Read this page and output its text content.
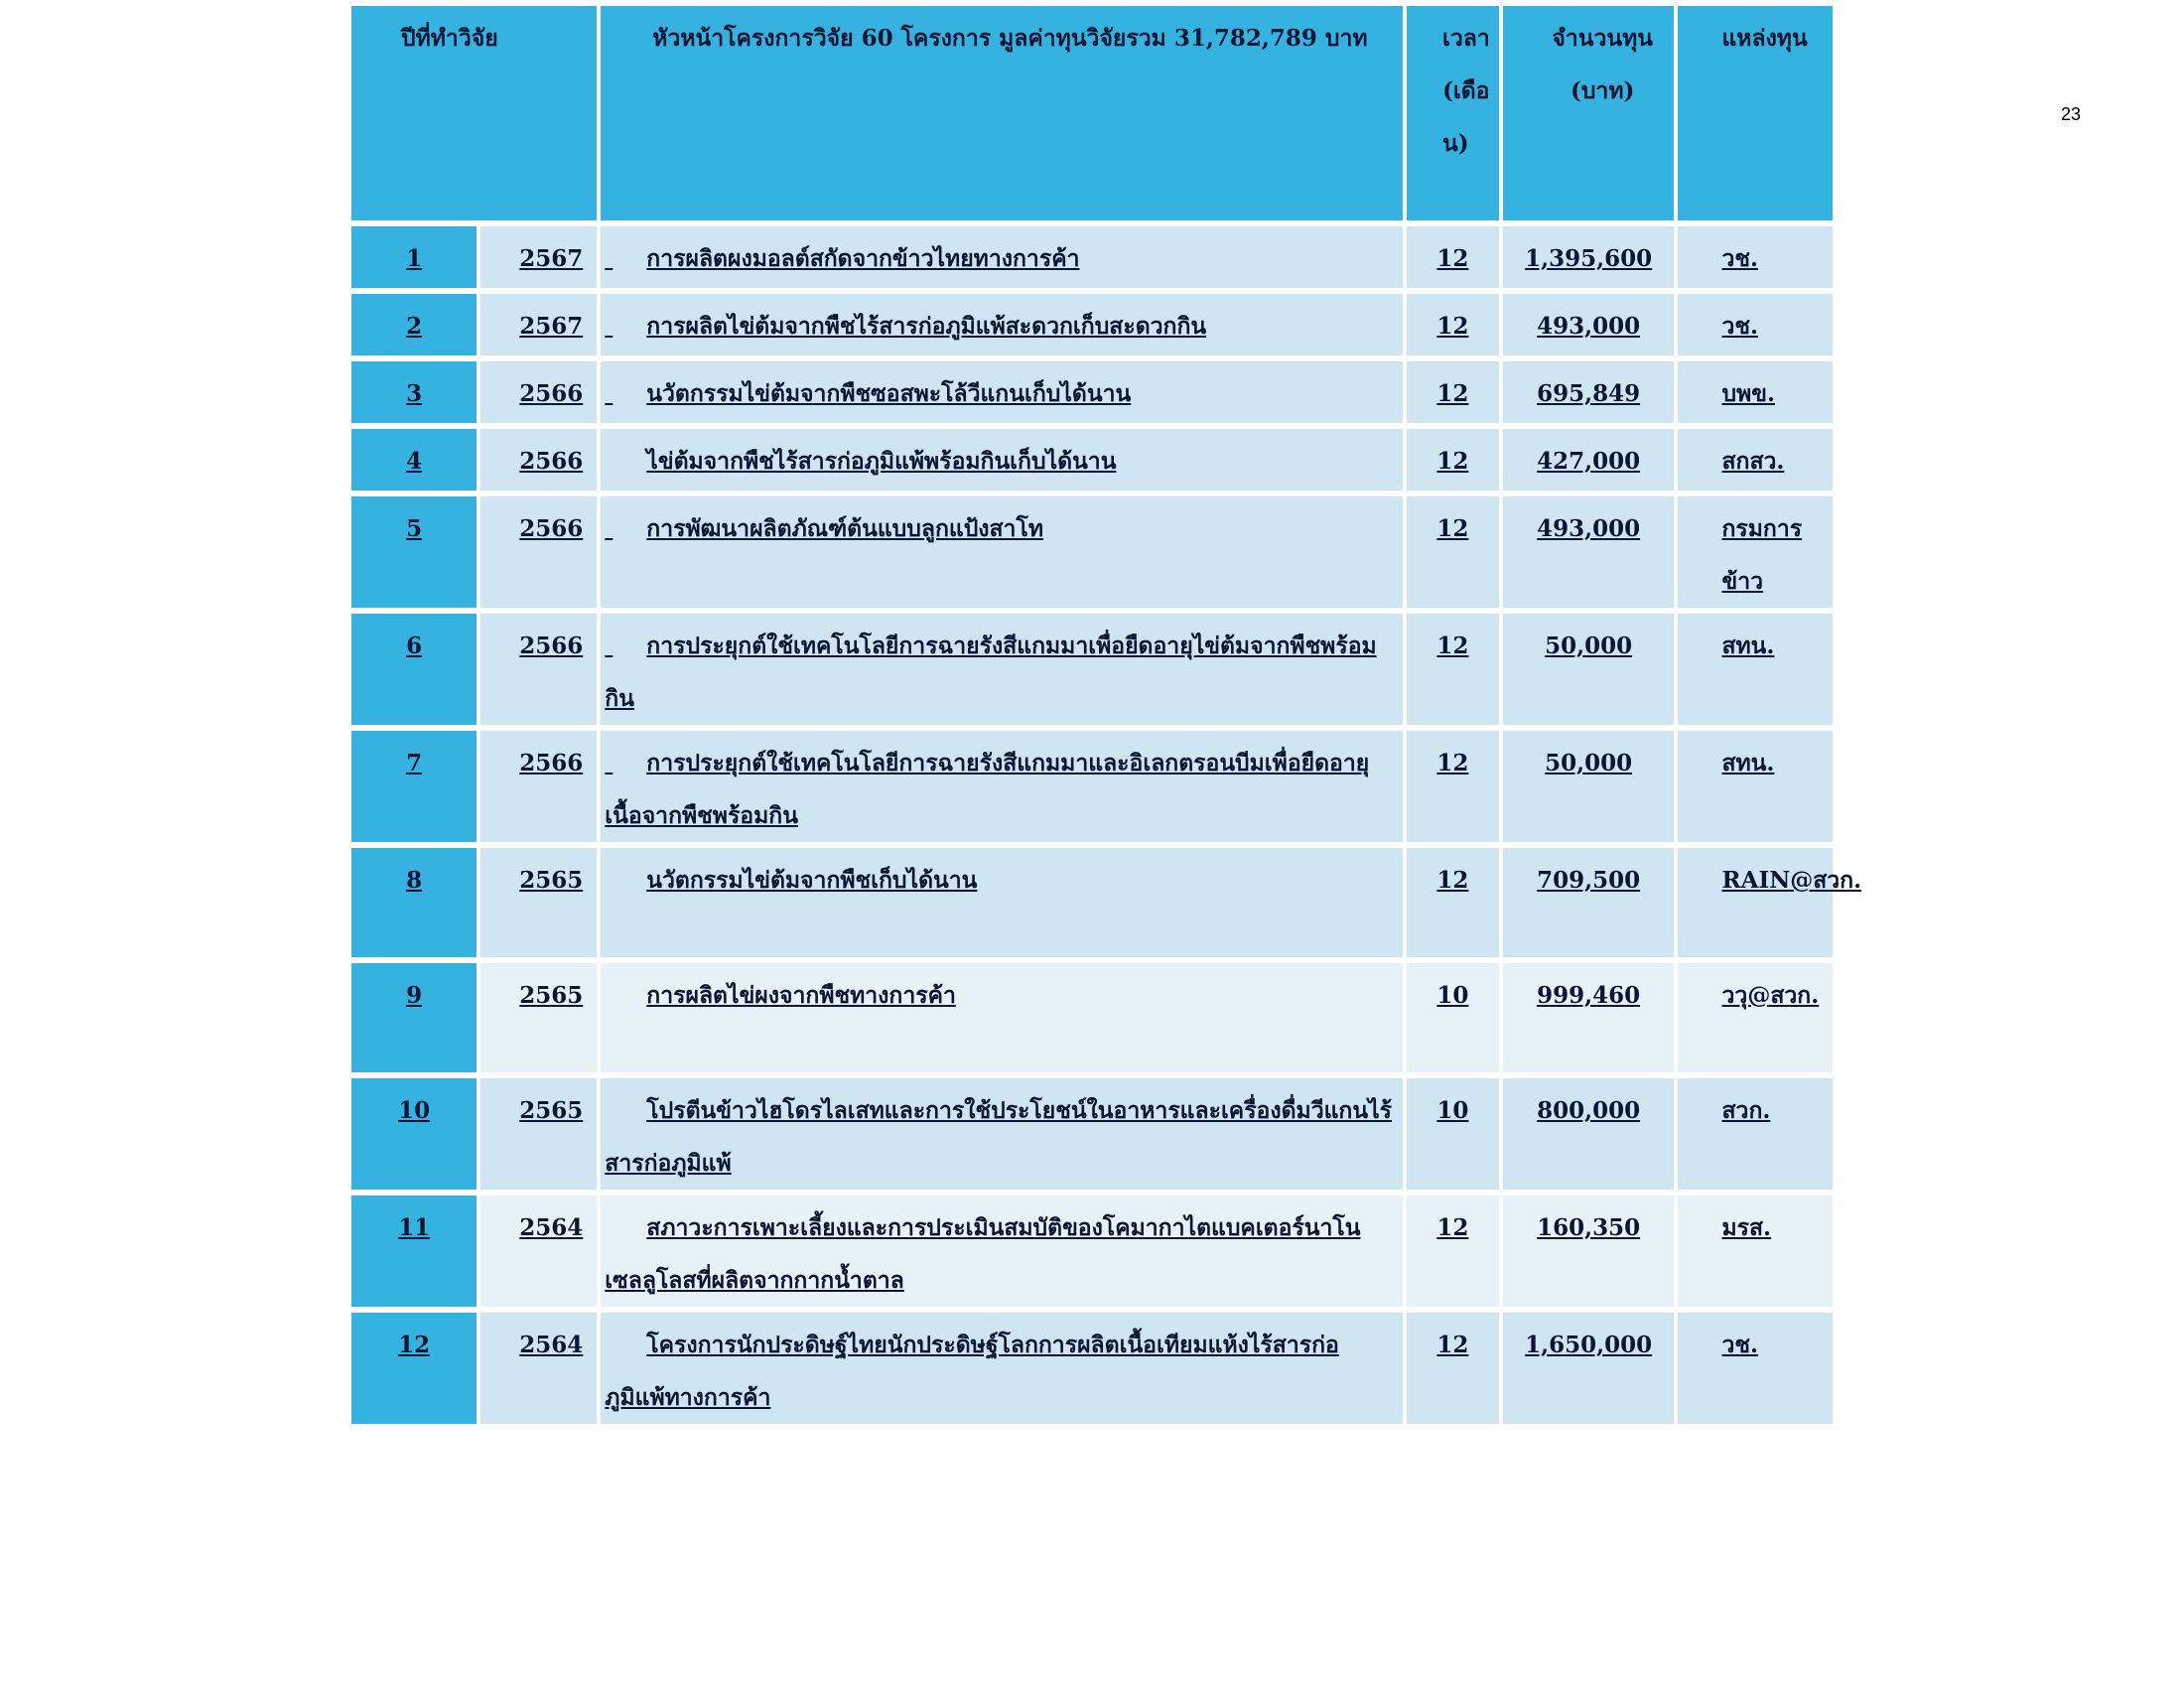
23
ปีที่ทำวิจัย		หัวหน้าโครงการวิจัย 60 โครงการ มูลค่าทุนวิจัยรวม 31,782,789 บาท	เวลา(เดือน)	จำนวนทุน (บาท)	แหล่งทุน
1	2567	การผลิตผงมอลต์สกัดจากข้าวไทยทางการค้า	12	1,395,600	วช.
2	2567	การผลิตไข่ต้มจากพืชไร้สารก่อภูมิแพ้สะดวกเก็บสะดวกกิน	12	493,000	วช.
3	2566	นวัตกรรมไข่ต้มจากพืชซอสพะโล้วีแกนเก็บได้นาน	12	695,849	บพข.
4	2566	ไข่ต้มจากพืชไร้สารก่อภูมิแพ้พร้อมกินเก็บได้นาน	12	427,000	สกสว.
5	2566	การพัฒนาผลิตภัณฑ์ต้นแบบลูกแป้งสาโท	12	493,000	กรมการข้าว
6	2566	การประยุกต์ใช้เทคโนโลยีการฉายรังสีแกมมาเพื่อยืดอายุไข่ต้มจากพืชพร้อมกิน	12	50,000	สทน.
7	2566	การประยุกต์ใช้เทคโนโลยีการฉายรังสีแกมมาและอิเลกตรอนบีมเพื่อยืดอายุเนื้อจากพืชพร้อมกิน	12	50,000	สทน.
8	2565	นวัตกรรมไข่ต้มจากพืชเก็บได้นาน	12	709,500	RAIN@สวก.
9	2565	การผลิตไข่ผงจากพืชทางการค้า	10	999,460	ววุ@สวก.
10	2565	โปรตีนข้าวไฮโดรไลเสทและการใช้ประโยชน์ในอาหารและเครื่องดื่มวีแกนไร้สารก่อภูมิแพ้	10	800,000	สวก.
11	2564	สภาวะการเพาะเลี้ยงและการประเมินสมบัติของโคมากาไตแบคเตอร์นาโนเซลลูโลสที่ผลิตจากกากน้ำตาล	12	160,350	มรส.
12	2564	โครงการนักประดิษฐ์ไทยนักประดิษฐ์โลกการผลิตเนื้อเทียมแห้งไร้สารก่อภูมิแพ้ทางการค้า	12	1,650,000	วช.
